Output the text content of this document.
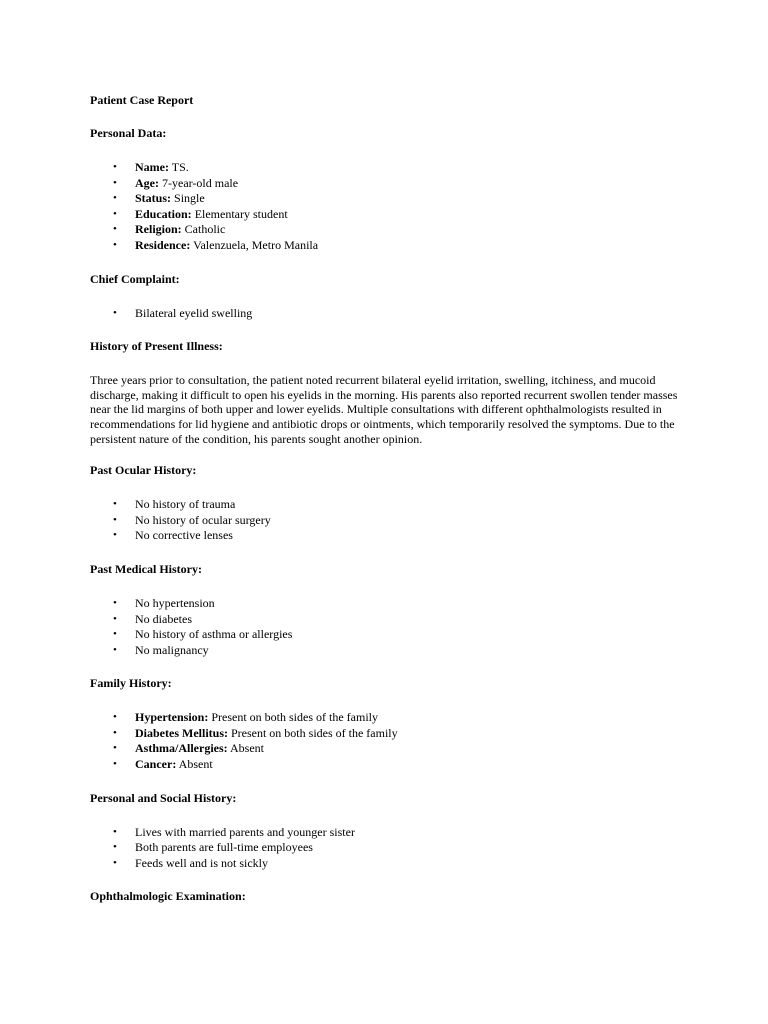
Patient Case Report
Personal Data:
• Name: TS.
• Age: 7-year-old male
• Status: Single
• Education: Elementary student
• Religion: Catholic
• Residence: Valenzuela, Metro Manila
Chief Complaint:
• Bilateral eyelid swelling
History of Present Illness:

Three years prior to consultation, the patient noted recurrent bilateral eyelid irritation, swelling, itchiness, and mucoid discharge, making it difficult to open his eyelids in the morning. His parents also reported recurrent swollen tender masses near the lid margins of both upper and lower eyelids. Multiple consultations with different ophthalmologists resulted in recommendations for lid hygiene and antibiotic drops or ointments, which temporarily resolved the symptoms. Due to the persistent nature of the condition, his parents sought another opinion.

Past Ocular History:
• No history of trauma
• No history of ocular surgery
• No corrective lenses
Past Medical History:
• No hypertension
• No diabetes
• No history of asthma or allergies
• No malignancy
Family History:
• Hypertension: Present on both sides of the family
• Diabetes Mellitus: Present on both sides of the family
• Asthma/Allergies: Absent
• Cancer: Absent
Personal and Social History:
• Lives with married parents and younger sister
• Both parents are full-time employees
• Feeds well and is not sickly
Ophthalmologic Examination:
